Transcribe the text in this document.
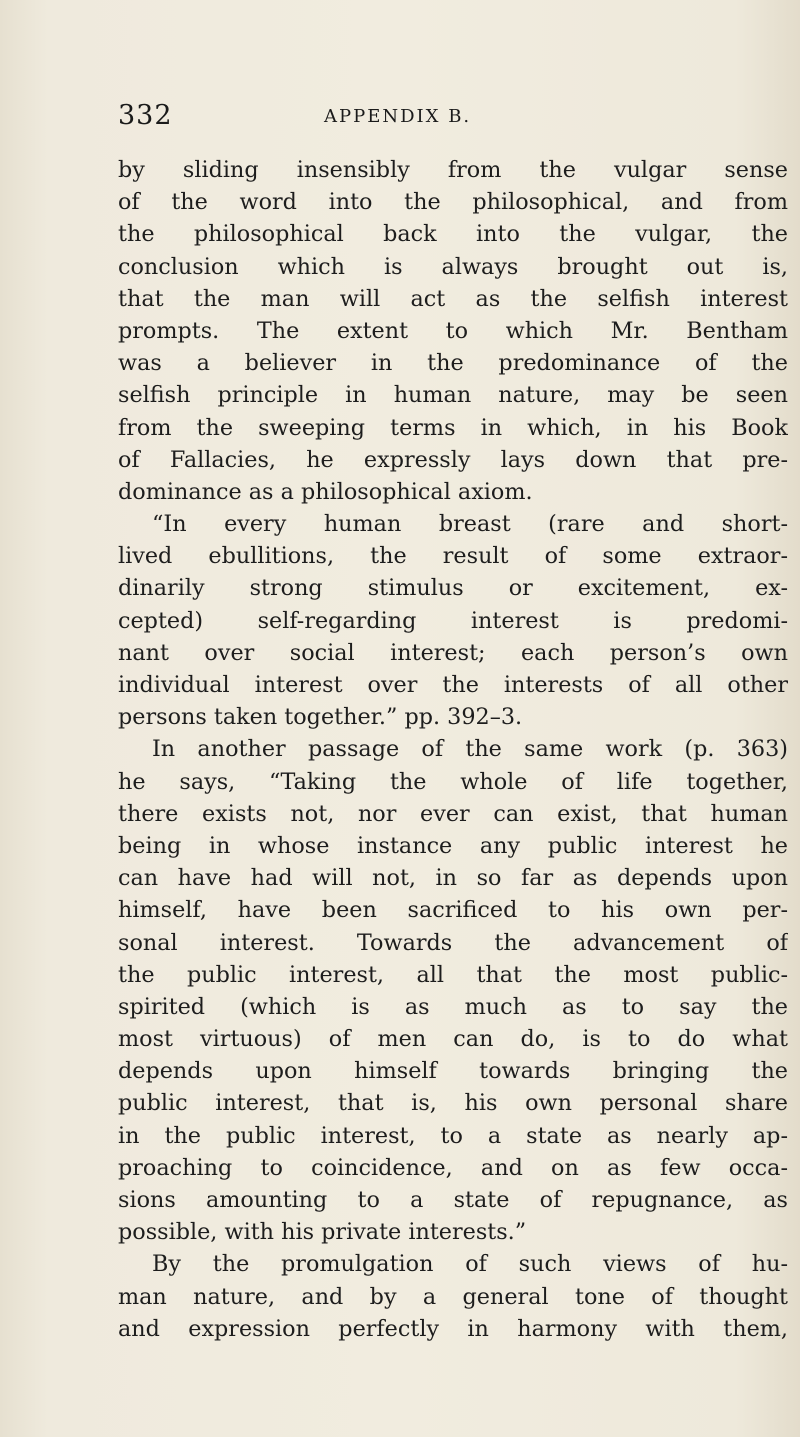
332	APPENDIX B.
by sliding insensibly from the vulgar sense
of the word into the philosophical, and from
the philosophical back into the vulgar, the
conclusion which is always brought out is,
that the man will act as the selfish interest
prompts. The extent to which Mr. Bentham
was a believer in the predominance of the
selfish principle in human nature, may be seen
from the sweeping terms in which, in his Book
of Fallacies, he expressly lays down that pre-
dominance as a philosophical axiom.
“In every human breast (rare and short-
lived ebullitions, the result of some extraor-
dinarily strong stimulus or excitement, ex-
cepted) self-regarding interest is predomi-
nant over social interest; each person’s own
individual interest over the interests of all other
persons taken together.” pp. 392–3.
In another passage of the same work (p. 363)
he says, “Taking the whole of life together,
there exists not, nor ever can exist, that human
being in whose instance any public interest he
can have had will not, in so far as depends upon
himself, have been sacrificed to his own per-
sonal interest. Towards the advancement of
the public interest, all that the most public-
spirited (which is as much as to say the
most virtuous) of men can do, is to do what
depends upon himself towards bringing the
public interest, that is, his own personal share
in the public interest, to a state as nearly ap-
proaching to coincidence, and on as few occa-
sions amounting to a state of repugnance, as
possible, with his private interests.”
By the promulgation of such views of hu-
man nature, and by a general tone of thought
and expression perfectly in harmony with them,
